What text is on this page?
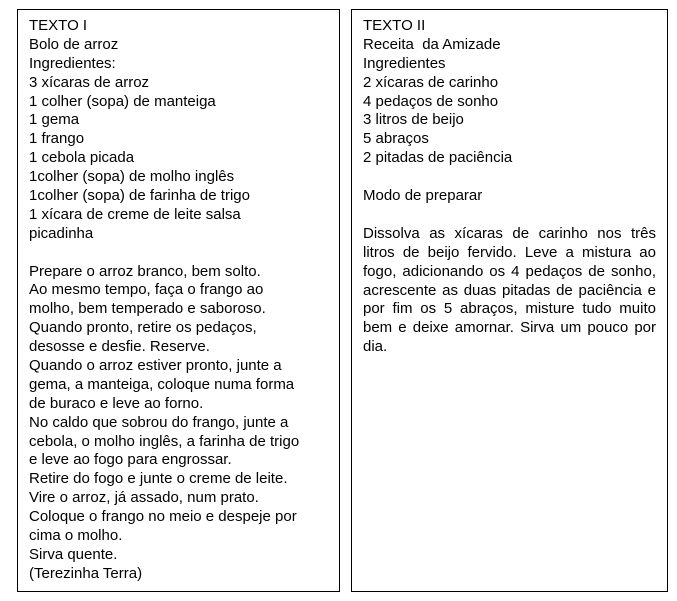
TEXTO I
Bolo de arroz
Ingredientes:
3 xícaras de arroz
1 colher (sopa) de manteiga
1 gema
1 frango
1 cebola picada
1colher (sopa) de molho inglês
1colher (sopa) de farinha de trigo
1 xícara de creme de leite salsa
picadinha
Prepare o arroz branco, bem solto.
Ao mesmo tempo, faça o frango ao
molho, bem temperado e saboroso.
Quando pronto, retire os pedaços,
desosse e desfie. Reserve.
Quando o arroz estiver pronto, junte a
gema, a manteiga, coloque numa forma
de buraco e leve ao forno.
No caldo que sobrou do frango, junte a
cebola, o molho inglês, a farinha de trigo
e leve ao fogo para engrossar.
Retire do fogo e junte o creme de leite.
Vire o arroz, já assado, num prato.
Coloque o frango no meio e despeje por
cima o molho.
Sirva quente.
(Terezinha Terra)
TEXTO II
Receita  da Amizade
Ingredientes
2 xícaras de carinho
4 pedaços de sonho
3 litros de beijo
5 abraços
2 pitadas de paciência
Modo de preparar

Dissolva as xícaras de carinho nos três litros de beijo fervido. Leve a mistura ao fogo, adicionando os 4 pedaços de sonho, acrescente as duas pitadas de paciência e por fim os 5 abraços, misture tudo muito bem e deixe amornar. Sirva um pouco por dia.
